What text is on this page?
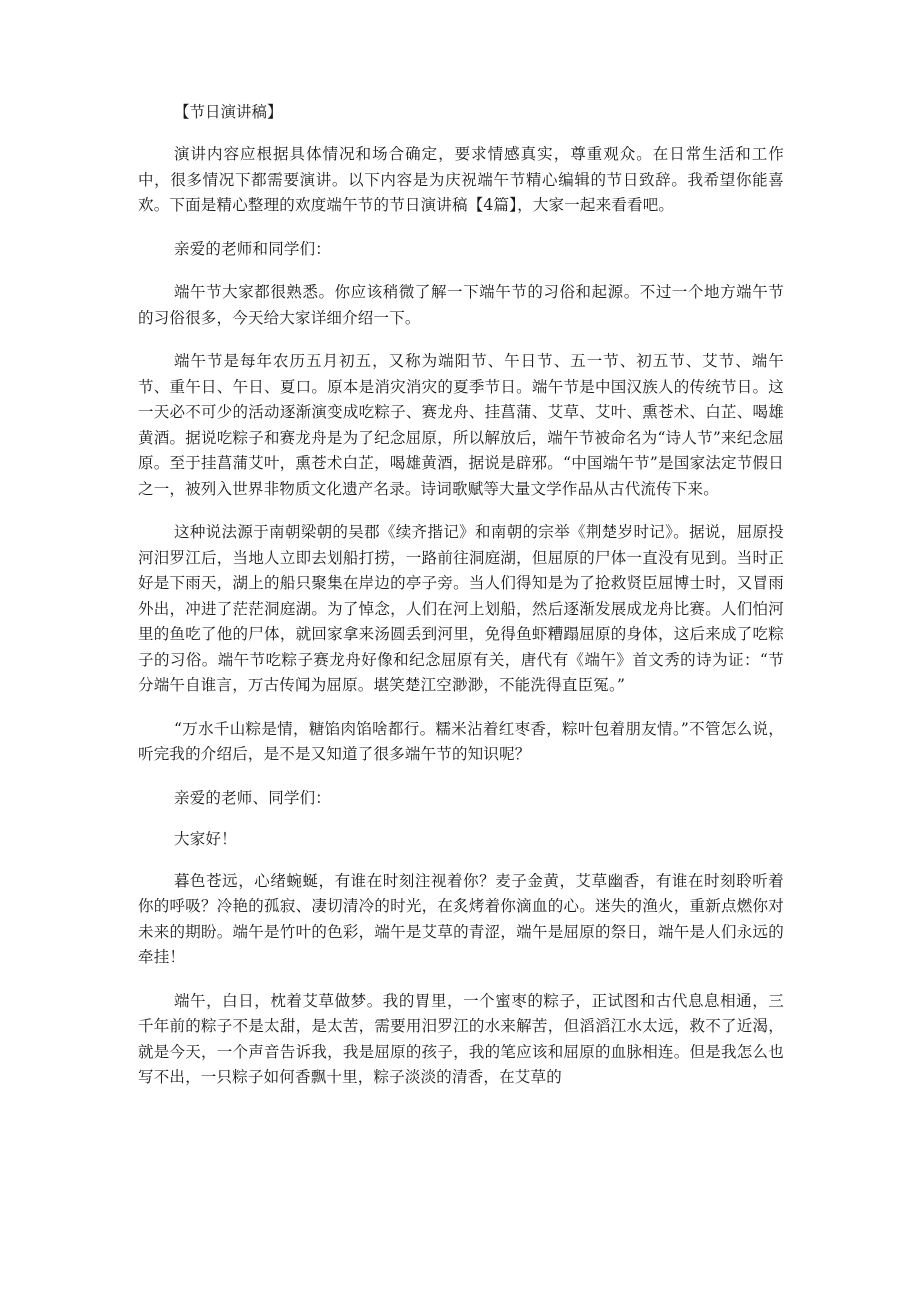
【节日演讲稿】

演讲内容应根据具体情况和场合确定，要求情感真实，尊重观众。在日常生活和工作中，很多情况下都需要演讲。以下内容是为庆祝端午节精心编辑的节日致辞。我希望你能喜欢。下面是精心整理的欢度端午节的节日演讲稿【4篇】，大家一起来看看吧。

亲爱的老师和同学们：

端午节大家都很熟悉。你应该稍微了解一下端午节的习俗和起源。不过一个地方端午节的习俗很多，今天给大家详细介绍一下。

端午节是每年农历五月初五，又称为端阳节、午日节、五一节、初五节、艾节、端午节、重午日、午日、夏口。原本是消灾消灾的夏季节日。端午节是中国汉族人的传统节日。这一天必不可少的活动逐渐演变成吃粽子、赛龙舟、挂菖蒲、艾草、艾叶、熏苍术、白芷、喝雄黄酒。据说吃粽子和赛龙舟是为了纪念屈原，所以解放后，端午节被命名为“诗人节”来纪念屈原。至于挂菖蒲艾叶，熏苍术白芷，喝雄黄酒，据说是辟邪。“中国端午节”是国家法定节假日之一，被列入世界非物质文化遗产名录。诗词歌赋等大量文学作品从古代流传下来。

这种说法源于南朝梁朝的吴郡《续齐揩记》和南朝的宗举《荆楚岁时记》。据说，屈原投河汨罗江后，当地人立即去划船打捞，一路前往洞庭湖，但屈原的尸体一直没有见到。当时正好是下雨天，湖上的船只聚集在岸边的亭子旁。当人们得知是为了抢救贤臣屈博士时，又冒雨外出，冲进了茫茫洞庭湖。为了悼念，人们在河上划船，然后逐渐发展成龙舟比赛。人们怕河里的鱼吃了他的尸体，就回家拿来汤圆丢到河里，免得鱼虾糟蹋屈原的身体，这后来成了吃粽子的习俗。端午节吃粽子赛龙舟好像和纪念屈原有关，唐代有《端午》首文秀的诗为证：“节分端午自谁言，万古传闻为屈原。堪笑楚江空渺渺，不能洗得直臣冤。”

“万水千山粽是情，糖馅肉馅啥都行。糯米沾着红枣香，粽叶包着朋友情。”不管怎么说，听完我的介绍后，是不是又知道了很多端午节的知识呢？

亲爱的老师、同学们：

大家好！

暮色苍远，心绪蜿蜒，有谁在时刻注视着你？麦子金黄，艾草幽香，有谁在时刻聆听着你的呼吸？冷艳的孤寂、凄切清冷的时光，在炙烤着你滴血的心。迷失的渔火，重新点燃你对未来的期盼。端午是竹叶的色彩，端午是艾草的青涩，端午是屈原的祭日，端午是人们永远的牵挂！

端午，白日，枕着艾草做梦。我的胃里，一个蜜枣的粽子，正试图和古代息息相通，三千年前的粽子不是太甜，是太苦，需要用汨罗江的水来解苦，但滔滔江水太远，救不了近渴，就是今天，一个声音告诉我，我是屈原的孩子，我的笔应该和屈原的血脉相连。但是我怎么也写不出，一只粽子如何香飘十里，粽子淡淡的清香，在艾草的
